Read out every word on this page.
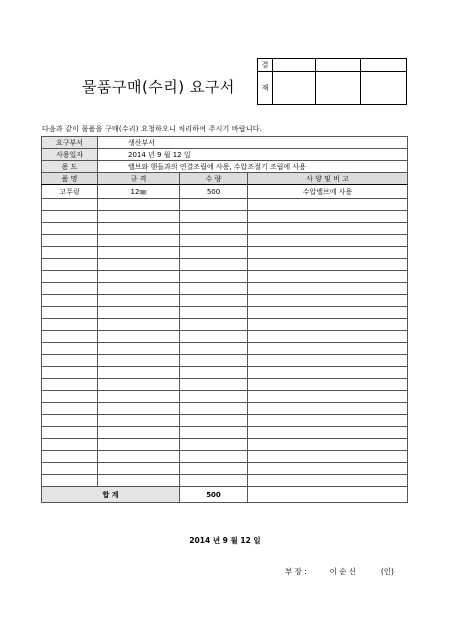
물품구매(수리) 요구서
결			
재			
다음과 같이 물품을 구매(수리) 요청하오니 처리하여 주시기 바랍니다.
요구부서	생산부서		
사용일자	2014 년 9 월 12 일		
용 도	밸브와 핸들과의 연결조립에 사용, 수압조절기 조립에 사용		
품 명	규 격	수 량	사 양 및 비 고
고무링	12㎜	500	수압밸브에 사용

합 계		500	
2014 년 9 월 12 일
부 장 :	이 순 신	(인)
